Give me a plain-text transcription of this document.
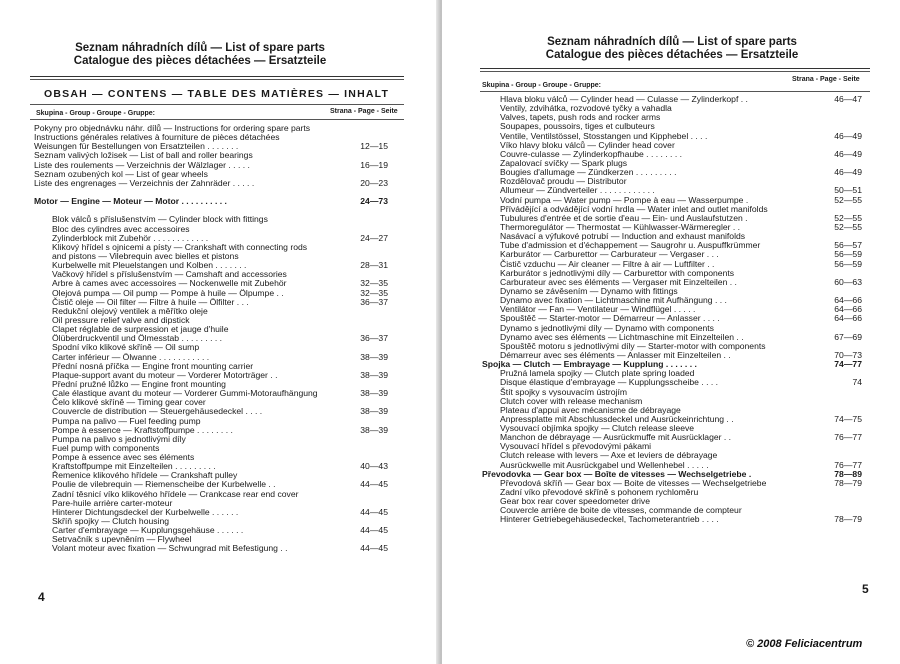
Seznam náhradních dílů — List of spare parts
Catalogue des pièces détachées — Ersatzteile
OBSAH — CONTENS — TABLE DES MATIÈRES — INHALT
Skupina - Group - Groupe - Gruppe:	Strana - Page - Seite
Pokyny pro objednávku náhr. dílů — Instructions for ordering spare parts
Instructions générales relatives à fourniture de pièces détachées
Weisungen für Bestellungen von Ersatzteilen . . . . . . .	12—15
Seznam valivých ložisek — List of ball and roller bearings
Liste des roulements — Verzeichnis der Wälzlager . . . . .	16—19
Seznam ozubených kol — List of gear wheels
Liste des engrenages — Verzeichnis der Zahnräder . . . . .	20—23
Motor — Engine — Moteur — Motor . . . . . . . . . .	24—73
Blok válců s příslušenstvím — Cylinder block with fittings
Bloc des cylindres avec accessoires
Zylinderblock mit Zubehör . . . . . . . . . . . .	24—27
Klikový hřídel s ojnicemi a písty — Crankshaft with connecting rods
and pistons — Vilebrequin avec bielles et pistons
Kurbelwelle mit Pleuelstangen und Kolben . . . . . . .	28—31
Vačkový hřídel s příslušenstvím — Camshaft and accessories
Arbre à cames avec accessoires — Nockenwelle mit Zubehör	32—35
Olejová pumpa — Oil pump — Pompe à huile — Ölpumpe . .	32—35
Čistič oleje — Oil filter — Filtre à huile — Ölfilter . . .	36—37
Redukční olejový ventilek a měřítko oleje
Oil pressure relief valve and dipstick
Clapet réglable de surpression et jauge d'huile
Ölüberdruckventil und Ölmesstab . . . . . . . . .	36—37
Spodní víko klikové skříně — Oil sump
Carter inférieur — Ölwanne . . . . . . . . . . .	38—39
Přední nosná příčka — Engine front mounting carrier
Plaque-support avant du moteur — Vorderer Motorträger . .	38—39
Přední pružné lůžko — Engine front mounting
Cale élastique avant du moteur — Vorderer Gummi-Motoraufhängung	38—39
Čelo klikové skříně — Timing gear cover
Couvercle de distribution — Steuergehäusedeckel . . . .	38—39
Pumpa na palivo — Fuel feeding pump
Pompe à essence — Kraftstoffpumpe . . . . . . . .	38—39
Pumpa na palivo s jednotlivými díly
Fuel pump with components
Pompe à essence avec ses éléments
Kraftstoffpumpe mit Einzelteilen . . . . . . . . .	40—43
Řemenice klikového hřídele — Crankshaft pulley
Poulie de vilebrequin — Riemenscheibe der Kurbelwelle . .	44—45
Zadní těsnicí víko klikového hřídele — Crankcase rear end cover
Pare-huile arrière carter-moteur
Hinterer Dichtungsdeckel der Kurbelwelle . . . . . .	44—45
Skříň spojky — Clutch housing
Carter d'embrayage — Kupplungsgehäuse . . . . . .	44—45
Setrvačník s upevněním — Flywheel
Volant moteur avec fixation — Schwungrad mit Befestigung . .	44—45
4
Seznam náhradních dílů — List of spare parts
Catalogue des pièces détachées — Ersatzteile
Skupina - Group - Groupe - Gruppe:
Strana - Page - Seite
Hlava bloku válců — Cylinder head — Culasse — Zylinderkopf . .	46—47
Ventily, zdvihátka, rozvodové tyčky a vahadla
Valves, tapets, push rods and rocker arms
Soupapes, poussoirs, tiges et culbuteurs
Ventile, Ventilstössel, Stosstangen und Kipphebel . . . .	46—49
Víko hlavy bloku válců — Cylinder head cover
Couvre-culasse — Zylinderkopfhaube . . . . . . . .	46—49
Zapalovací svíčky — Spark plugs
Bougies d'allumage — Zündkerzen . . . . . . . . .	46—49
Rozdělovač proudu — Distributor
Allumeur — Zündverteiler . . . . . . . . . . . .	50—51
Vodní pumpa — Water pump — Pompe à eau — Wasserpumpe .	52—55
Přívádějící a odvádějící vodní hrdla — Water inlet and outlet manifolds
Tubulures d'entrée et de sortie d'eau — Ein- und Auslaufstutzen .	52—55
Thermoregulátor — Thermostat — Kühlwasser-Wärmeregler . .	52—55
Nasávací a výfukové potrubí — Induction and exhaust manifolds
Tube d'admission et d'échappement — Saugrohr u. Auspuffkrümmer	56—57
Karburátor — Carburettor — Carburateur — Vergaser . . .	56—59
Čistič vzduchu — Air cleaner — Filtre à air — Luftfilter . .	56—59
Karburátor s jednotlivými díly — Carburettor with components
Carburateur avec ses éléments — Vergaser mit Einzelteilen . .	60—63
Dynamo se závěsením — Dynamo with fittings
Dynamo avec fixation — Lichtmaschine mit Aufhängung . . .	64—66
Ventilátor — Fan — Ventilateur — Windflügel . . . . .	64—66
Spouštěč — Starter-motor — Démarreur — Anlasser . . . .	64—66
Dynamo s jednotlivými díly — Dynamo with components
Dynamo avec ses éléments — Lichtmaschine mit Einzelteilen . .	67—69
Spouštěč motoru s jednotlivými díly — Starter-motor with components
Démarreur avec ses éléments — Anlasser mit Einzelteilen . .	70—73
Spojka — Clutch — Embrayage — Kupplung . . . . . . .	74—77
Pružná lamela spojky — Clutch plate spring loaded
Disque élastique d'embrayage — Kupplungsscheibe . . . .	74
Štít spojky s vysouvacím ústrojím
Clutch cover with release mechanism
Plateau d'appui avec mécanisme de débrayage
Anpressplatte mit Abschlussdeckel und Ausrückeinrichtung . .	74—75
Vysouvací objímka spojky — Clutch release sleeve
Manchon de débrayage — Ausrückmuffe mit Ausrücklager . .	76—77
Vysouvací hřídel s převodovými pákami
Clutch release with levers — Axe et leviers de débrayage
Ausrückwelle mit Ausrückgabel und Wellenhebel . . . . .	76—77
Převodovka — Gear box — Boîte de vitesses — Wechselgetriebe .	78—89
Převodová skříň — Gear box — Boite de vitesses — Wechselgetriebe	78—79
Zadní víko převodové skříně s pohonem rychloměru
Gear box rear cover speedometer drive
Couvercle arrière de boite de vitesses, commande de compteur
Hinterer Getriebegehäusedeckel, Tachometerantrieb . . . .	78—79
5
© 2008 Feliciacentrum
